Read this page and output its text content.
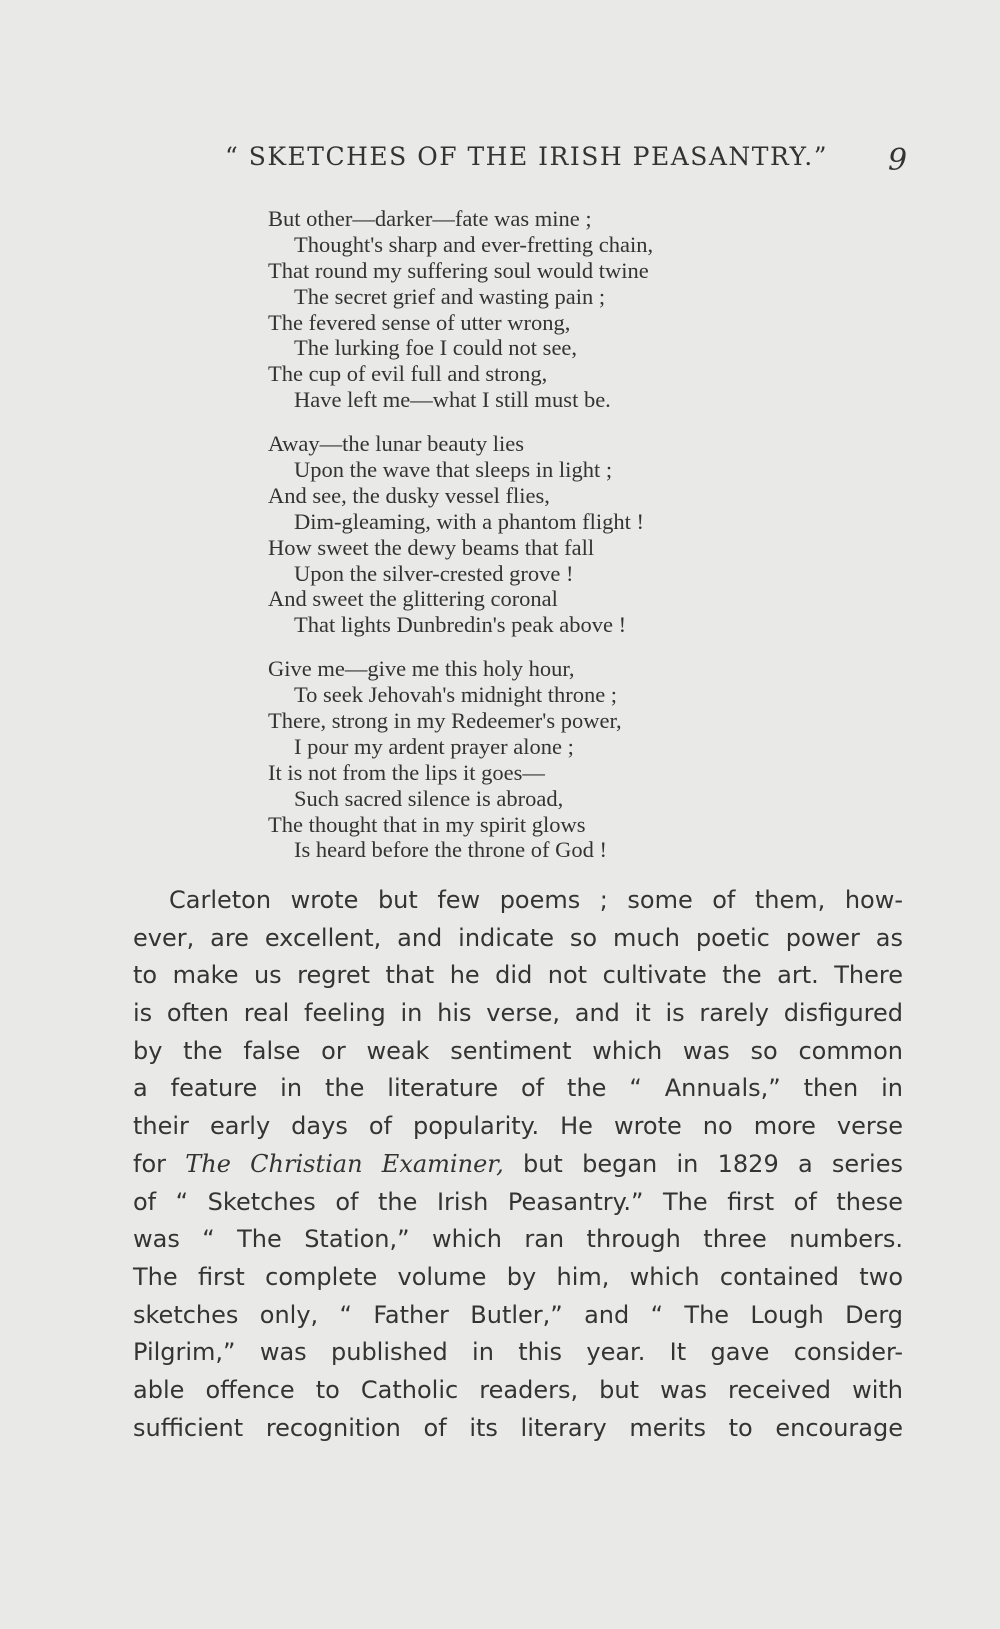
“ SKETCHES OF THE IRISH PEASANTRY.” 9
But other—darker—fate was mine ;
Thought's sharp and ever-fretting chain,
That round my suffering soul would twine
The secret grief and wasting pain ;
The fevered sense of utter wrong,
The lurking foe I could not see,
The cup of evil full and strong,
Have left me—what I still must be.
Away—the lunar beauty lies
Upon the wave that sleeps in light ;
And see, the dusky vessel flies,
Dim-gleaming, with a phantom flight !
How sweet the dewy beams that fall
Upon the silver-crested grove !
And sweet the glittering coronal
That lights Dunbredin's peak above !
Give me—give me this holy hour,
To seek Jehovah's midnight throne ;
There, strong in my Redeemer's power,
I pour my ardent prayer alone ;
It is not from the lips it goes—
Such sacred silence is abroad,
The thought that in my spirit glows
Is heard before the throne of God !
Carleton wrote but few poems ; some of them, how-
ever, are excellent, and indicate so much poetic power as
to make us regret that he did not cultivate the art. There
is often real feeling in his verse, and it is rarely disfigured
by the false or weak sentiment which was so common
a feature in the literature of the “ Annuals,” then in
their early days of popularity. He wrote no more verse
for The Christian Examiner, but began in 1829 a series
of “ Sketches of the Irish Peasantry.” The first of these
was “ The Station,” which ran through three numbers.
The first complete volume by him, which contained two
sketches only, “ Father Butler,” and “ The Lough Derg
Pilgrim,” was published in this year. It gave consider-
able offence to Catholic readers, but was received with
sufficient recognition of its literary merits to encourage
